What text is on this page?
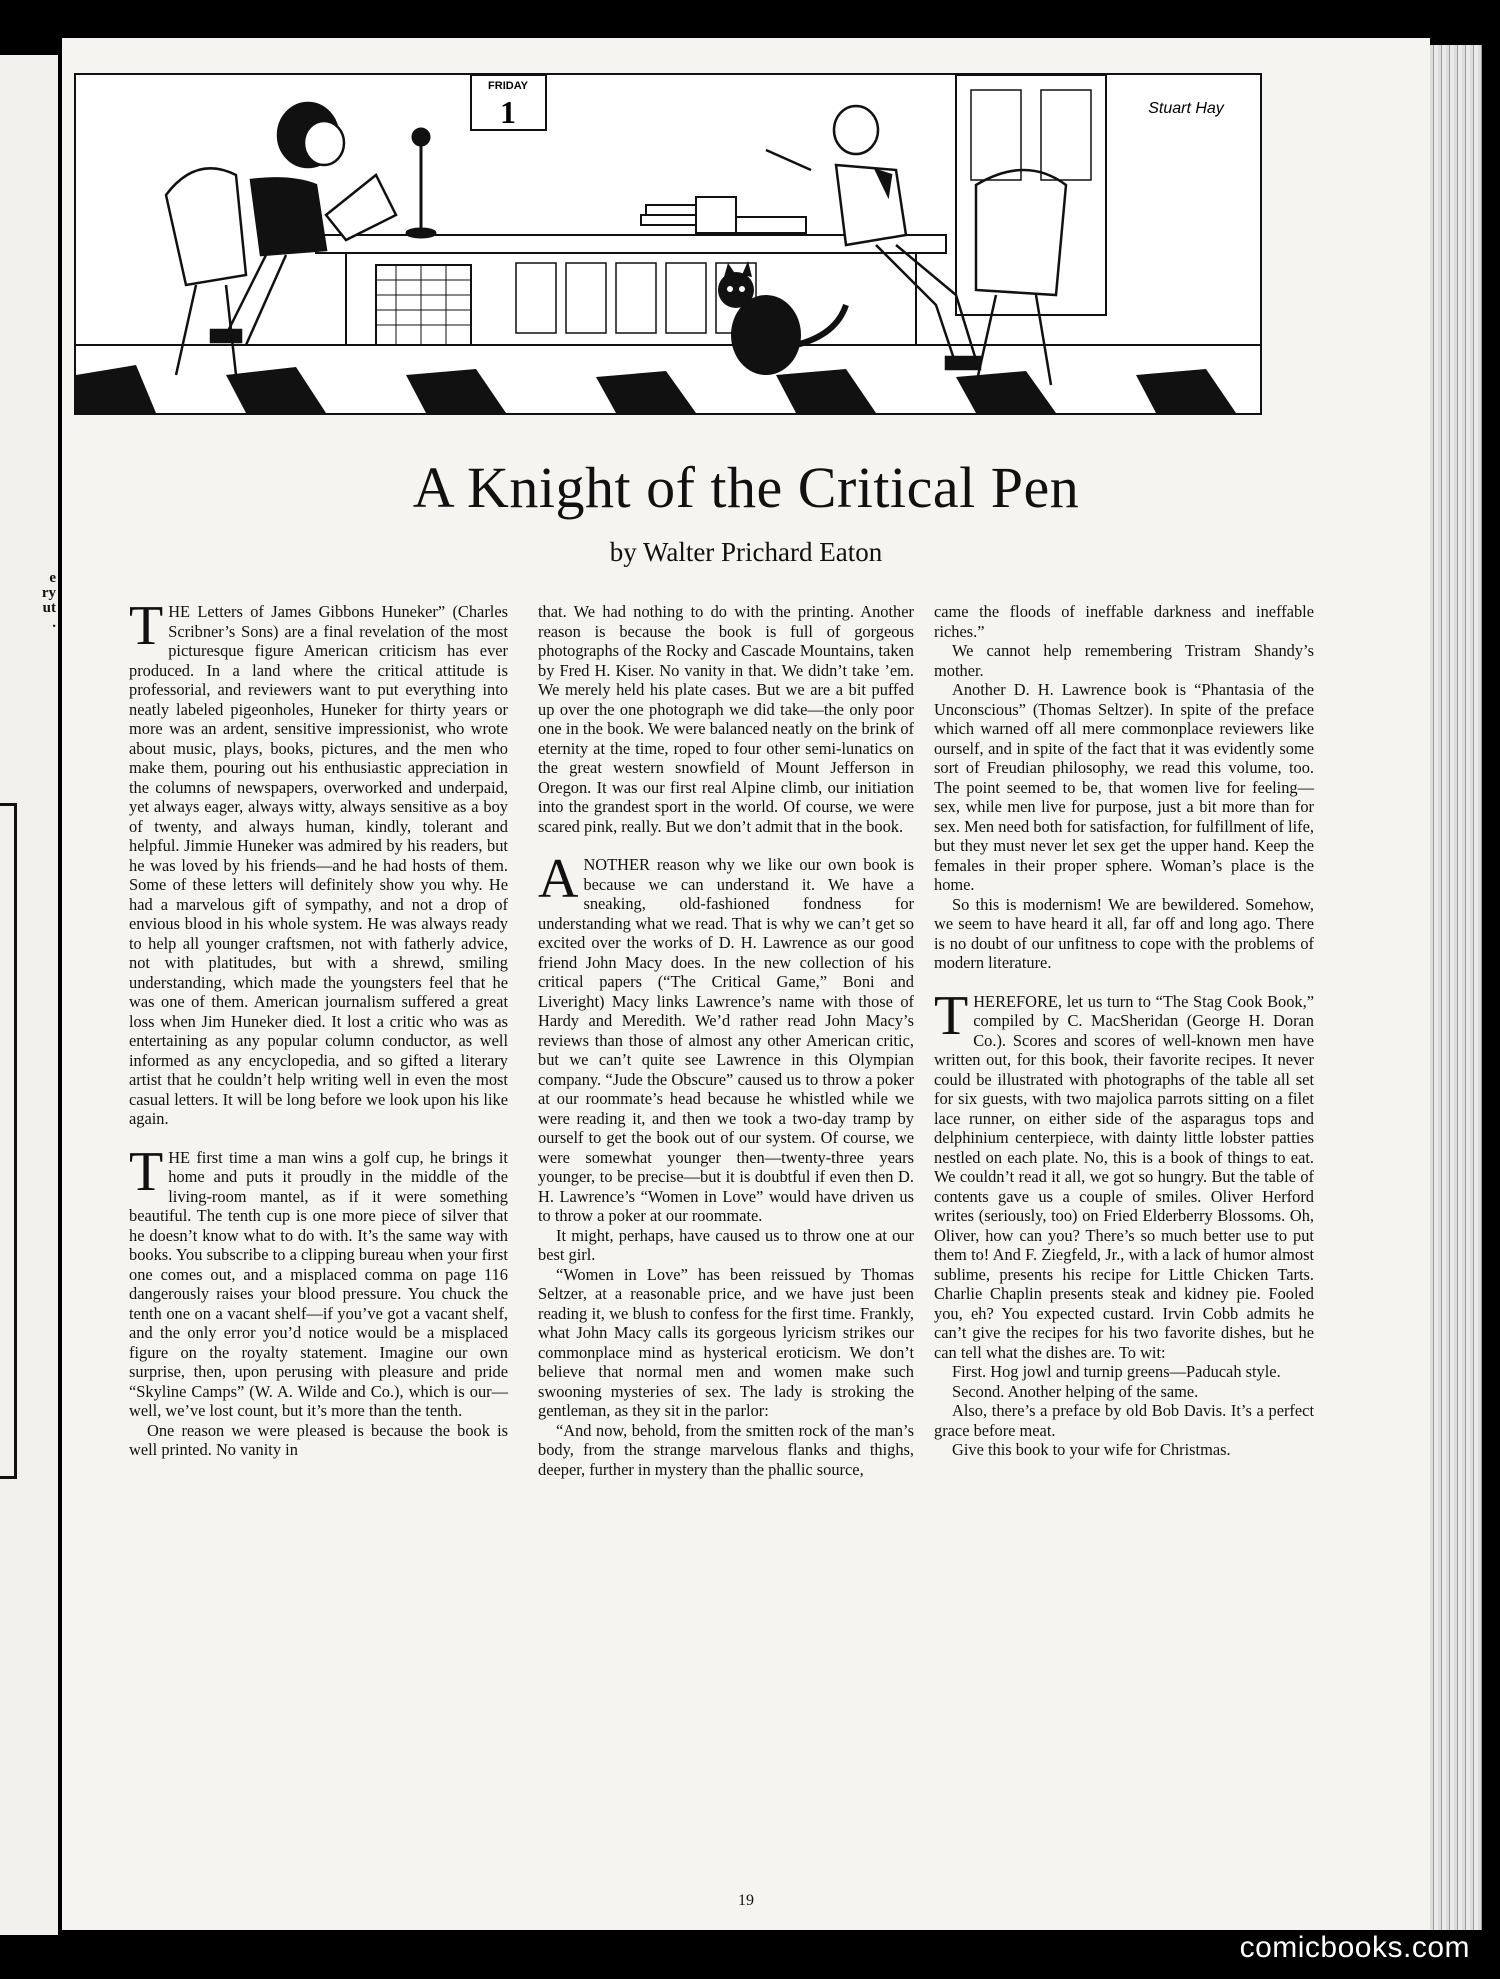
e
ry
ut
.
FRIDAY
1	Stuart Hay
A Knight of the Critical Pen
by Walter Prichard Eaton

THE Letters of James Gibbons Huneker” (Charles Scribner’s Sons) are a final revelation of the most picturesque figure American criticism has ever produced. In a land where the critical attitude is professorial, and reviewers want to put everything into neatly labeled pigeonholes, Huneker for thirty years or more was an ardent, sensitive impressionist, who wrote about music, plays, books, pictures, and the men who make them, pouring out his enthusiastic appreciation in the columns of newspapers, overworked and underpaid, yet always eager, always witty, always sensitive as a boy of twenty, and always human, kindly, tolerant and helpful. Jimmie Huneker was admired by his readers, but he was loved by his friends—and he had hosts of them. Some of these letters will definitely show you why. He had a marvelous gift of sympathy, and not a drop of envious blood in his whole system. He was always ready to help all younger craftsmen, not with fatherly advice, not with platitudes, but with a shrewd, smiling understanding, which made the youngsters feel that he was one of them. American journalism suffered a great loss when Jim Huneker died. It lost a critic who was as entertaining as any popular column conductor, as well informed as any encyclopedia, and so gifted a literary artist that he couldn’t help writing well in even the most casual letters. It will be long before we look upon his like again.

THE first time a man wins a golf cup, he brings it home and puts it proudly in the middle of the living-room mantel, as if it were something beautiful. The tenth cup is one more piece of silver that he doesn’t know what to do with. It’s the same way with books. You subscribe to a clipping bureau when your first one comes out, and a misplaced comma on page 116 dangerously raises your blood pressure. You chuck the tenth one on a vacant shelf—if you’ve got a vacant shelf, and the only error you’d notice would be a misplaced figure on the royalty statement. Imagine our own surprise, then, upon perusing with pleasure and pride “Skyline Camps” (W. A. Wilde and Co.), which is our—well, we’ve lost count, but it’s more than the tenth.

One reason we were pleased is because the book is well printed. No vanity in

that. We had nothing to do with the printing. Another reason is because the book is full of gorgeous photographs of the Rocky and Cascade Mountains, taken by Fred H. Kiser. No vanity in that. We didn’t take ’em. We merely held his plate cases. But we are a bit puffed up over the one photograph we did take—the only poor one in the book. We were balanced neatly on the brink of eternity at the time, roped to four other semi-lunatics on the great western snowfield of Mount Jefferson in Oregon. It was our first real Alpine climb, our initiation into the grandest sport in the world. Of course, we were scared pink, really. But we don’t admit that in the book.

ANOTHER reason why we like our own book is because we can understand it. We have a sneaking, old-fashioned fondness for understanding what we read. That is why we can’t get so excited over the works of D. H. Lawrence as our good friend John Macy does. In the new collection of his critical papers (“The Critical Game,” Boni and Liveright) Macy links Lawrence’s name with those of Hardy and Meredith. We’d rather read John Macy’s reviews than those of almost any other American critic, but we can’t quite see Lawrence in this Olympian company. “Jude the Obscure” caused us to throw a poker at our roommate’s head because he whistled while we were reading it, and then we took a two-day tramp by ourself to get the book out of our system. Of course, we were somewhat younger then—twenty-three years younger, to be precise—but it is doubtful if even then D. H. Lawrence’s “Women in Love” would have driven us to throw a poker at our roommate.

It might, perhaps, have caused us to throw one at our best girl.

“Women in Love” has been reissued by Thomas Seltzer, at a reasonable price, and we have just been reading it, we blush to confess for the first time. Frankly, what John Macy calls its gorgeous lyricism strikes our commonplace mind as hysterical eroticism. We don’t believe that normal men and women make such swooning mysteries of sex. The lady is stroking the gentleman, as they sit in the parlor:

“And now, behold, from the smitten rock of the man’s body, from the strange marvelous flanks and thighs, deeper, further in mystery than the phallic source,

came the floods of ineffable darkness and ineffable riches.”

We cannot help remembering Tristram Shandy’s mother.

Another D. H. Lawrence book is “Phantasia of the Unconscious” (Thomas Seltzer). In spite of the preface which warned off all mere commonplace reviewers like ourself, and in spite of the fact that it was evidently some sort of Freudian philosophy, we read this volume, too. The point seemed to be, that women live for feeling—sex, while men live for purpose, just a bit more than for sex. Men need both for satisfaction, for fulfillment of life, but they must never let sex get the upper hand. Keep the females in their proper sphere. Woman’s place is the home.

So this is modernism! We are bewildered. Somehow, we seem to have heard it all, far off and long ago. There is no doubt of our unfitness to cope with the problems of modern literature.

THEREFORE, let us turn to “The Stag Cook Book,” compiled by C. MacSheridan (George H. Doran Co.). Scores and scores of well-known men have written out, for this book, their favorite recipes. It never could be illustrated with photographs of the table all set for six guests, with two majolica parrots sitting on a filet lace runner, on either side of the asparagus tops and delphinium centerpiece, with dainty little lobster patties nestled on each plate. No, this is a book of things to eat. We couldn’t read it all, we got so hungry. But the table of contents gave us a couple of smiles. Oliver Herford writes (seriously, too) on Fried Elderberry Blossoms. Oh, Oliver, how can you? There’s so much better use to put them to! And F. Ziegfeld, Jr., with a lack of humor almost sublime, presents his recipe for Little Chicken Tarts. Charlie Chaplin presents steak and kidney pie. Fooled you, eh? You expected custard. Irvin Cobb admits he can’t give the recipes for his two favorite dishes, but he can tell what the dishes are. To wit:

First. Hog jowl and turnip greens—Paducah style.

Second. Another helping of the same.

Also, there’s a preface by old Bob Davis. It’s a perfect grace before meat.

Give this book to your wife for Christmas.

19
comicbooks.com
